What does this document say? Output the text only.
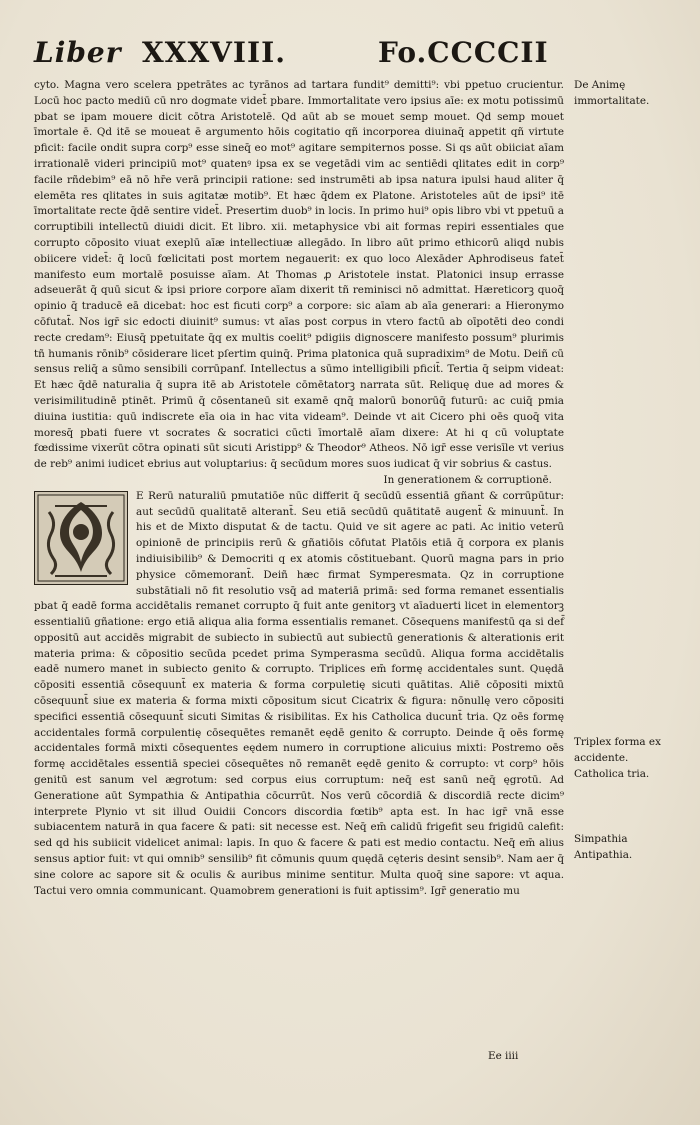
Liber XXXVIII.	Fo.CCCCII

cyto. Magna vero scelera ppetrātes ac tyrānos ad tartara fundit⁹ demitti⁹: vbi ppetuo crucientur. Locū hoc pacto mediū cū nro dogmate videt̄ pbare. Immortalitate vero ipsius aīe: ex motu potissimū pbat se ipam mouere dicit cōtra Aristotelē. Qd aūt ab se mouet semp mouet. Qd semp mouet īmortale ē. Qd itē se moueat ē argumento hōis cogitatio qñ incorporea diuinaq̄ appetit qñ virtute pficit: facile ondit supra corp⁹ esse sineq̄ eo mot⁹ agitare sempiternos posse. Si qs aūt obiiciat aīam irrationalē videri principiū mot⁹ quatenꝰ ipsa ex se vegetādi vim ac sentiēdi qlitates edit in corp⁹ facile rñdebim⁹ eā nō hr̄e verā principii ratione: sed instrumēti ab ipsa natura ipulsi haud aliter q̄ elemēta res qlitates in suis agitatæ motib⁹. Et hæc q̄dem ex Platone. Aristoteles aūt de ipsi⁹ itē īmortalitate recte q̄dē sentire videt̄. Presertim duob⁹ in locis. In primo hui⁹ opis libro vbi vt ppetuū a corruptibili intellectū diuidi dicit. Et libro. xii. metaphysice vbi ait formas repiri essentiales que corrupto cōposito viuat exeplū aīæ intellectiuæ allegādo. In libro aūt primo ethicorū aliqd nubis obiicere videt̄: q̄ locū fœlicitati post mortem negauerit: ex quo loco Alexāder Aphrodiseus fatet̄ manifesto eum mortalē posuisse aīam. At Thomas ꝓ Aristotele instat. Platonici insup errasse adseuerāt q̄ quū sicut & ipsi priore corpore aīam dixerit tñ reminisci nō admittat. Hæreticorꝫ quoq̄ opinio q̄ traducē eā dicebat: hoc est ficuti corp⁹ a corpore: sic aīam ab aīa generari: a Hieronymo cōfutat̄. Nos igr̄ sic edocti diuinit⁹ sumus: vt aīas post corpus in vtero factū ab oīpotēti deo condi recte credam⁹: Eiusq̄ ppetuitate q̄q ex multis coelit⁹ pdigiis dignoscere manifesto possum⁹ plurimis tñ humanis rōnib⁹ cōsiderare licet pſertim quinq̄. Prima platonica quā supradixim⁹ de Motu. Deiñ cū sensus reliq̄ a sūmo sensibili corrūpanf. Intellectus a sūmo intelligibili pficit̄. Tertia q̄ seipm videat: Et hæc q̄dē naturalia q̄ supra itē ab Aristotele cōmētatorꝫ narrata sūt. Reliquę due ad mores & verisimilitudinē ptinēt. Primū q̄ cōsentaneū sit examē qnq̄ malorū bonorūq̄ futurū: ac cuiq̄ pmia diuina iustitia: quū indiscrete eīa oia in hac vita videam⁹. Deinde vt ait Cicero phi oēs quoq̄ vita moresq̄ pbati fuere vt socrates & socratici cūcti īmortalē aīam dixere: At hi q cū voluptate fœdissime vixerūt cōtra opinati sūt sicuti Aristipp⁹ & Theodor⁹ Atheos. Nō igr̄ esse verisīle vt verius de reb⁹ animi iudicet ebrius aut voluptarius: q̄ secūdum mores suos iudicat q̄ vir sobrius & castus.

In generationem & corruptionē.

E Rerū naturaliū pmutatiōe nūc differit q̄ secūdū essentiā gñant & corrūpūtur: aut secūdū qualitatē alterant̄. Seu etiā secūdū quātitatē augent̄ & minuunt̄. In his et de Mixto disputat & de tactu. Quid ve sit agere ac pati. Ac initio veterū opinionē de principiis rerū & gñatiōis cōfutat Platōis etiā q̄ corpora ex planis indiuisibilib⁹ & Democriti q ex atomis cōstituebant. Quorū magna pars in prio physice cōmemorant̄. Deiñ hæc firmat Symperesmata. Qz in corruptione substātiali nō fit resolutio vsq̄ ad materiā primā: sed forma remanet essentialis pbat q̄ eadē forma accidētalis remanet corrupto q̄ fuit ante genitorꝫ vt aīaduerti licet in elementorꝫ essentialiū gñatione: ergo etiā aliqua alia forma essentialis remanet. Cōsequens manifestū qa si def̄ oppositū aut accidēs migrabit de subiecto in subiectū aut subiectū generationis & alterationis erit materia prima: & cōpositio secūda pcedet prima Symperasma secūdū. Aliqua forma accidētalis eadē numero manet in subiecto genito & corrupto. Triplices em̄ formę accidentales sunt. Quędā cōpositi essentiā cōsequunt̄ ex materia & forma corpuletię sicuti quātitas. Aliē cōpositi mixtū cōsequunt̄ siue ex materia & forma mixti cōpositum sicut Cicatrix & figura: nōnullę vero cōpositi specifici essentiā cōsequunt̄ sicuti Simitas & risibilitas. Ex his Catholica ducunt̄ tria. Qz oēs formę accidentales formā corpulentię cōsequētes remanēt eędē genito & corrupto. Deinde q̄ oēs formę accidentales formā mixti cōsequentes eędem numero in corruptione alicuius mixti: Postremo oēs formę accidētales essentiā speciei cōsequētes nō remanēt eędē genito & corrupto: vt corp⁹ hōis genitū est sanum vel ægrotum: sed corpus eius corruptum: neq̄ est sanū neq̄ ęgrotū. Ad Generatione aūt Sympathia & Antipathia cōcurrūt. Nos verū cōcordiā & discordiā recte dicim⁹ interprete Plynio vt sit illud Ouidii Concors discordia fœtib⁹ apta est. In hac igr̄ vnā esse subiacentem naturā in qua facere & pati: sit necesse est. Neq̄ em̄ calidū frigefit seu frigidū calefit: sed qd his subiicit videlicet animal: lapis. In quo & facere & pati est medio contactu. Neq̄ em̄ alius sensus aptior fuit: vt qui omnib⁹ sensilib⁹ fit cōmunis quum quędā cęteris desint sensib⁹. Nam aer q̄ sine colore ac sapore sit & oculis & auribus minime sentitur. Multa quoq̄ sine sapore: vt aqua. Tactui vero omnia communicant. Quamobrem generationi is fuit aptissim⁹. Igr̄ generatio mu

Ee iiii
De Animę immortalitate.
Triplex forma ex accidente. Catholica tria.
Simpathia Antipathia.
